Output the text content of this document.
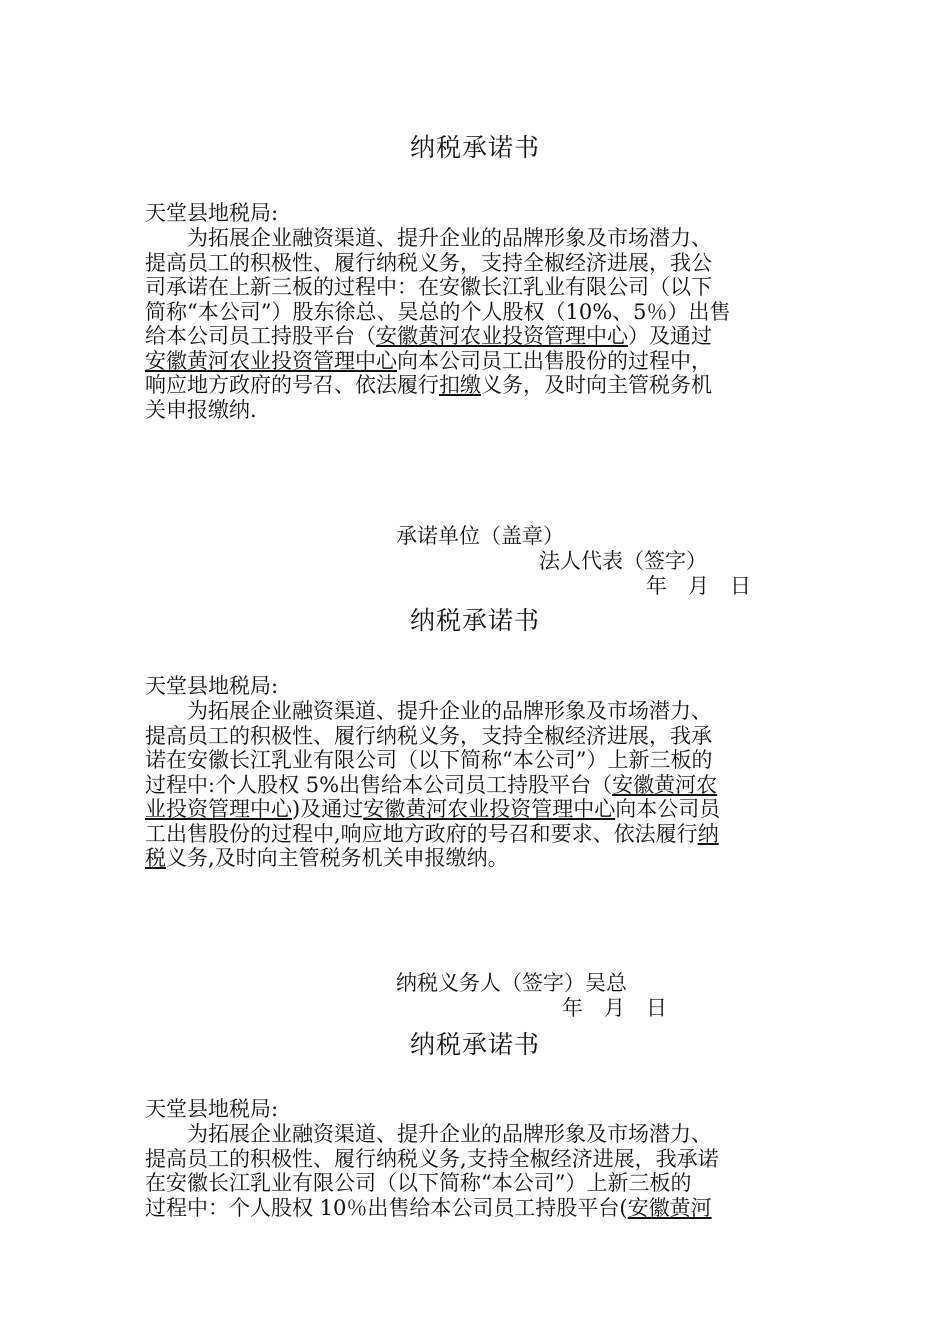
纳税承诺书
天堂县地税局:
　　为拓展企业融资渠道、提升企业的品牌形象及市场潜力、
提高员工的积极性、履行纳税义务，支持全椒经济进展，我公
司承诺在上新三板的过程中：在安徽长江乳业有限公司（以下
简称“本公司”）股东徐总、吴总的个人股权（10%、5％）出售
给本公司员工持股平台（安徽黄河农业投资管理中心）及通过
安徽黄河农业投资管理中心向本公司员工出售股份的过程中，
响应地方政府的号召、依法履行扣缴义务，及时向主管税务机
关申报缴纳.
承诺单位（盖章）
法人代表（签字）
年　月　日
纳税承诺书
天堂县地税局:
　　为拓展企业融资渠道、提升企业的品牌形象及市场潜力、
提高员工的积极性、履行纳税义务，支持全椒经济进展，我承
诺在安徽长江乳业有限公司（以下简称“本公司”）上新三板的
过程中:个人股权 5%出售给本公司员工持股平台（安徽黄河农
业投资管理中心)及通过安徽黄河农业投资管理中心向本公司员
工出售股份的过程中,响应地方政府的号召和要求、依法履行纳
税义务,及时向主管税务机关申报缴纳。
纳税义务人（签字）吴总
年　月　日
纳税承诺书
天堂县地税局:
　　为拓展企业融资渠道、提升企业的品牌形象及市场潜力、
提高员工的积极性、履行纳税义务,支持全椒经济进展，我承诺
在安徽长江乳业有限公司（以下简称“本公司”）上新三板的
过程中：个人股权 10％出售给本公司员工持股平台(安徽黄河
